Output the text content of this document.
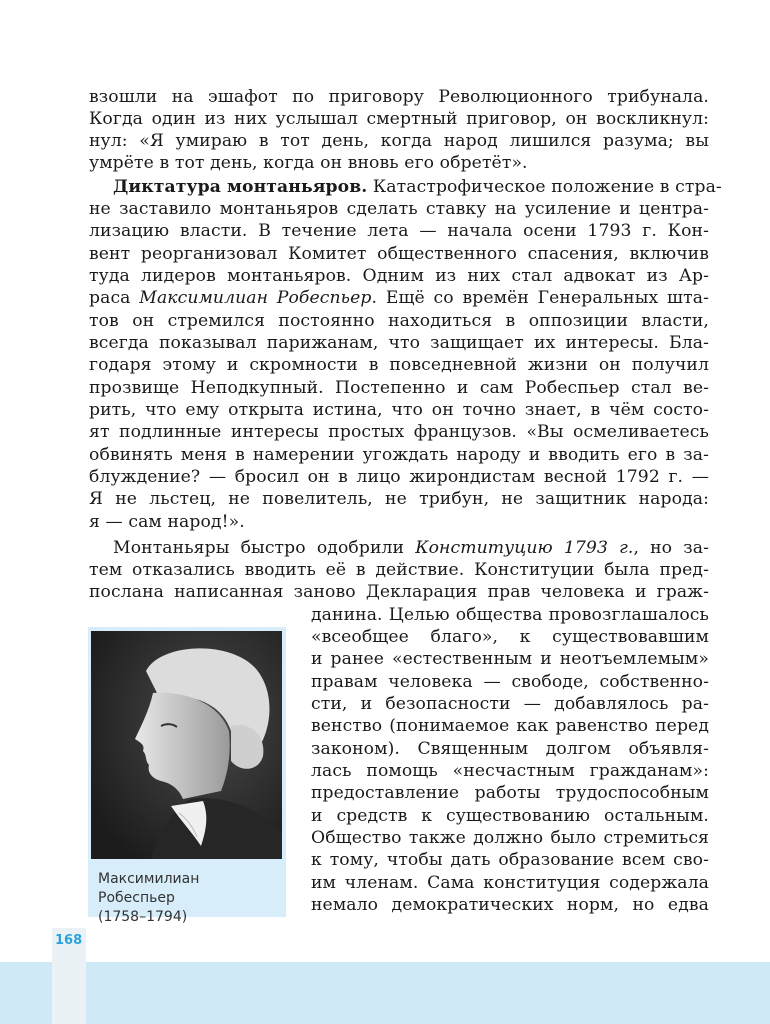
взошли на эшафот по приговору Революционного трибунала.
Когда один из них услышал смертный приговор, он воскликнул:
нул: «Я умираю в тот день, когда народ лишился разума; вы
умрёте в тот день, когда он вновь его обретёт».
Диктатура монтаньяров. Катастрофическое положение в стра-
не заставило монтаньяров сделать ставку на усиление и центра-
лизацию власти. В течение лета — начала осени 1793 г. Кон-
вент реорганизовал Комитет общественного спасения, включив
туда лидеров монтаньяров. Одним из них стал адвокат из Ар-
раса Максимилиан Робеспьер. Ещё со времён Генеральных шта-
тов он стремился постоянно находиться в оппозиции власти,
всегда показывал парижанам, что защищает их интересы. Бла-
годаря этому и скромности в повседневной жизни он получил
прозвище Неподкупный. Постепенно и сам Робеспьер стал ве-
рить, что ему открыта истина, что он точно знает, в чём состо-
ят подлинные интересы простых французов. «Вы осмеливаетесь
обвинять меня в намерении угождать народу и вводить его в за-
блуждение? — бросил он в лицо жирондистам весной 1792 г. —
Я не льстец, не повелитель, не трибун, не защитник народа:
я — сам народ!».
Монтаньяры быстро одобрили Конституцию 1793 г., но за-
тем отказались вводить её в действие. Конституции была пред-
послана написанная заново Декларация прав человека и граж-
данина. Целью общества провозглашалось
«всеобщее благо», к существовавшим
и ранее «естественным и неотъемлемым»
правам человека — свободе, собственно-
сти, и безопасности — добавлялось ра-
венство (понимаемое как равенство перед
законом). Священным долгом объявля-
лась помощь «несчастным гражданам»:
предоставление работы трудоспособным
и средств к существованию остальным.
Общество также должно было стремиться
к тому, чтобы дать образование всем сво-
им членам. Сама конституция содержала
немало демократических норм, но едва
Максимилиан Робеспьер
(1758–1794)
168
